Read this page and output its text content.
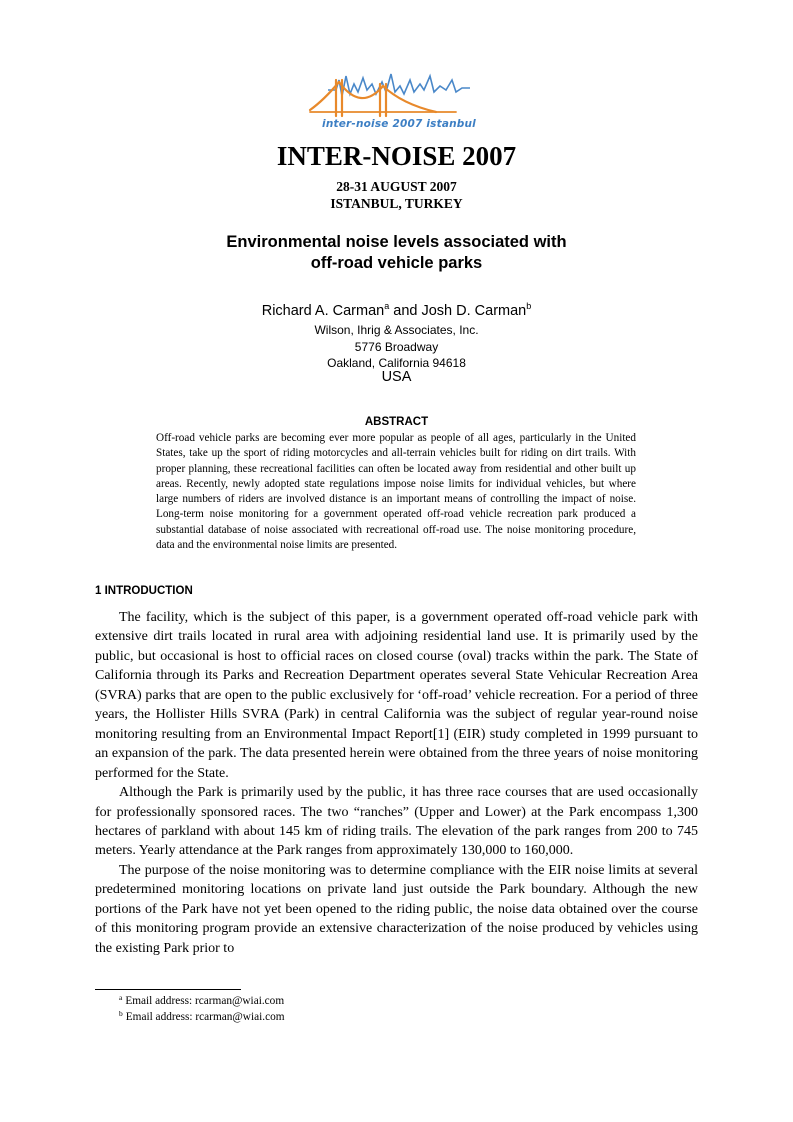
inter-noise 2007 istanbul
INTER-NOISE 2007
28-31 AUGUST 2007
ISTANBUL, TURKEY
Environmental noise levels associated with
off-road vehicle parks
Richard A. Carman$^a$ and Josh D. Carman$^b$
Wilson, Ihrig & Associates, Inc.
5776 Broadway
Oakland, California 94618
USA
ABSTRACT

Off-road vehicle parks are becoming ever more popular as people of all ages, particularly in the United States, take up the sport of riding motorcycles and all-terrain vehicles built for riding on dirt trails. With proper planning, these recreational facilities can often be located away from residential and other built up areas. Recently, newly adopted state regulations impose noise limits for individual vehicles, but where large numbers of riders are involved distance is an important means of controlling the impact of noise. Long-term noise monitoring for a government operated off-road vehicle recreation park produced a substantial database of noise associated with recreational off-road use. The noise monitoring procedure, data and the environmental noise limits are presented.

1 INTRODUCTION

The facility, which is the subject of this paper, is a government operated off-road vehicle park with extensive dirt trails located in rural area with adjoining residential land use. It is primarily used by the public, but occasional is host to official races on closed course (oval) tracks within the park. The State of California through its Parks and Recreation Department operates several State Vehicular Recreation Area (SVRA) parks that are open to the public exclusively for ‘off-road’ vehicle recreation. For a period of three years, the Hollister Hills SVRA (Park) in central California was the subject of regular year-round noise monitoring resulting from an Environmental Impact Report[1] (EIR) study completed in 1999 pursuant to an expansion of the park. The data presented herein were obtained from the three years of noise monitoring performed for the State.

Although the Park is primarily used by the public, it has three race courses that are used occasionally for professionally sponsored races. The two “ranches” (Upper and Lower) at the Park encompass 1,300 hectares of parkland with about 145 km of riding trails. The elevation of the park ranges from 200 to 745 meters. Yearly attendance at the Park ranges from approximately 130,000 to 160,000.

The purpose of the noise monitoring was to determine compliance with the EIR noise limits at several predetermined monitoring locations on private land just outside the Park boundary. Although the new portions of the Park have not yet been opened to the riding public, the noise data obtained over the course of this monitoring program provide an extensive characterization of the noise produced by vehicles using the existing Park prior to

$^a$ Email address: rcarman@wiai.com
$^b$ Email address: rcarman@wiai.com
